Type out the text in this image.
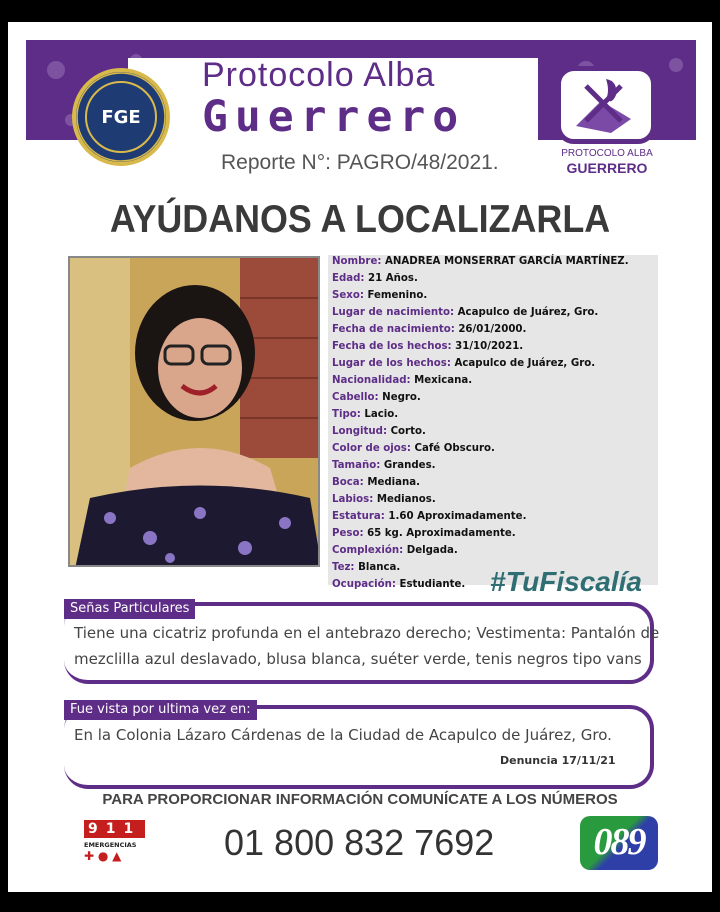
FGE
Protocolo Alba
Guerrero
Reporte N°: PAGRO/48/2021.	PROTOCOLO ALBA
GUERRERO
AYÚDANOS A LOCALIZARLA
Nombre: ANADREA MONSERRAT GARCÍA MARTÍNEZ.
Edad: 21 Años.
Sexo: Femenino.
Lugar de nacimiento: Acapulco de Juárez, Gro.
Fecha de nacimiento: 26/01/2000.
Fecha de los hechos: 31/10/2021.
Lugar de los hechos: Acapulco de Juárez, Gro.
Nacionalidad: Mexicana.
Cabello: Negro.
Tipo: Lacio.
Longitud: Corto.
Color de ojos: Café Obscuro.
Tamaño: Grandes.
Boca: Mediana.
Labios: Medianos.
Estatura: 1.60 Aproximadamente.
Peso: 65 kg. Aproximadamente.
Complexión: Delgada.
Tez: Blanca.
Ocupación: Estudiante. #TuFiscalía
Señas Particulares
Tiene una cicatriz profunda en el antebrazo derecho; Vestimenta: Pantalón de
mezclilla azul deslavado, blusa blanca, suéter verde, tenis negros tipo vans
Fue vista por ultima vez en:
En la Colonia Lázaro Cárdenas de la Ciudad de Acapulco de Juárez, Gro.
Denuncia 17/11/21
PARA PROPORCIONAR INFORMACIÓN COMUNÍCATE A LOS NÚMEROS
911
EMERGENCIAS
✚ ● ▲	01 800 832 7692	089
